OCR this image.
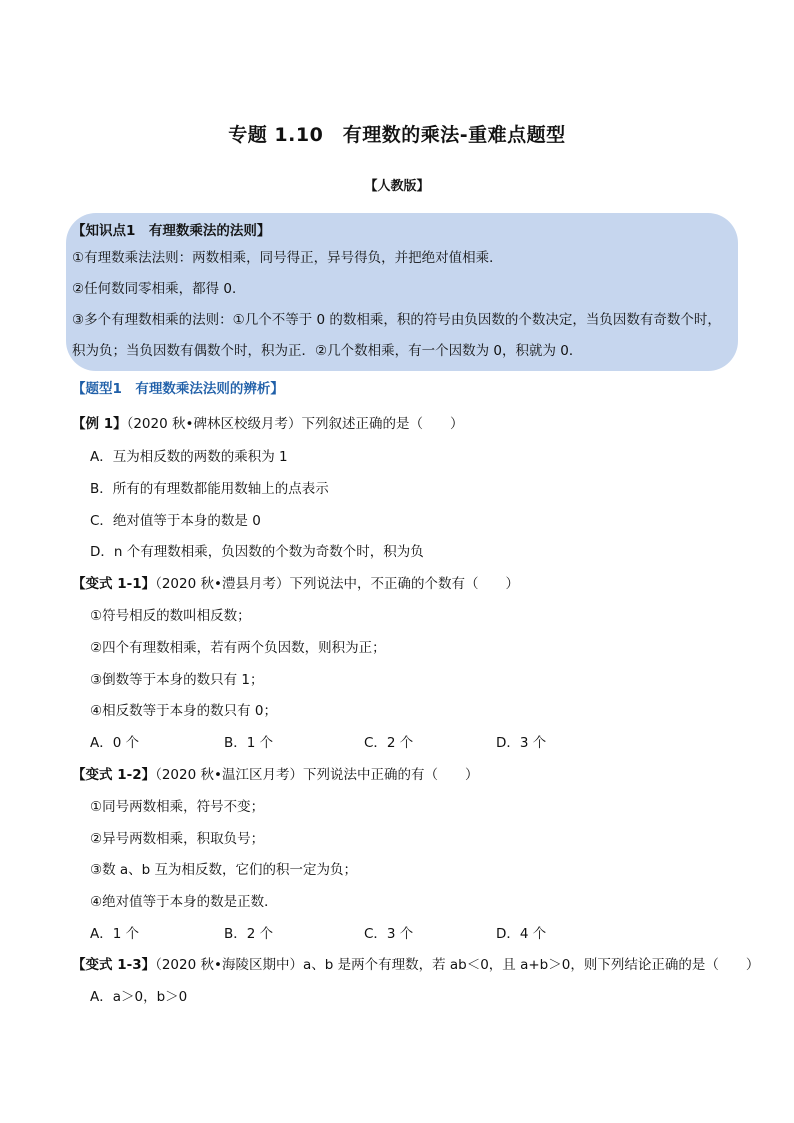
专题 1.10　有理数的乘法-重难点题型
【人教版】
【知识点1　有理数乘法的法则】
①有理数乘法法则：两数相乘，同号得正，异号得负，并把绝对值相乘．
②任何数同零相乘，都得 0．
③多个有理数相乘的法则：①几个不等于 0 的数相乘，积的符号由负因数的个数决定，当负因数有奇数个时，积为负；当负因数有偶数个时，积为正．②几个数相乘，有一个因数为 0，积就为 0．
【题型1　有理数乘法法则的辨析】
【例 1】（2020 秋•碑林区校级月考）下列叙述正确的是（　　）
A．互为相反数的两数的乘积为 1
B．所有的有理数都能用数轴上的点表示
C．绝对值等于本身的数是 0
D．n 个有理数相乘，负因数的个数为奇数个时，积为负
【变式 1-1】（2020 秋•澧县月考）下列说法中，不正确的个数有（　　）
①符号相反的数叫相反数；
②四个有理数相乘，若有两个负因数，则积为正；
③倒数等于本身的数只有 1；
④相反数等于本身的数只有 0；
A．0 个	B．1 个	C．2 个	D．3 个
【变式 1-2】（2020 秋•温江区月考）下列说法中正确的有（　　）
①同号两数相乘，符号不变；
②异号两数相乘，积取负号；
③数 a、b 互为相反数，它们的积一定为负；
④绝对值等于本身的数是正数．
A．1 个	B．2 个	C．3 个	D．4 个
【变式 1-3】（2020 秋•海陵区期中）a、b 是两个有理数，若 ab＜0，且 a+b＞0，则下列结论正确的是（　　）
A．a＞0，b＞0
